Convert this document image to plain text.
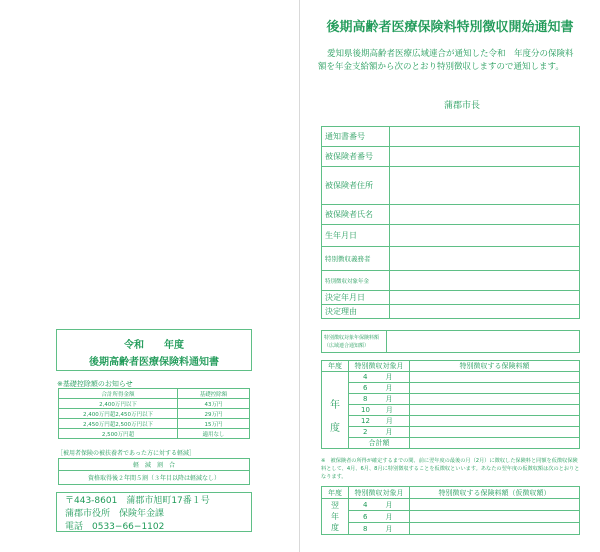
令和　　年度
後期高齢者医療保険料通知書
※基礎控除額のお知らせ
合計所得金額	基礎控除額
2,400万円以下	43万円
2,400万円超2,450万円以下	29万円
2,450万円超2,500万円以下	15万円
2,500万円超	適用なし
［被用者保険の被扶養者であった方に対する軽減］
軽　減　割　合
資格取得後２年間５割（３年目以降は軽減なし）
〒443-8601　蒲郡市旭町17番１号
蒲郡市役所　保険年金課
電話　0533−66−1102
後期高齢者医療保険料特別徴収開始通知書
愛知県後期高齢者医療広域連合が通知した令和　年度分の保険料額を年金支給額から次のとおり特別徴収しますので通知します。
蒲郡市長
通知書番号	
被保険者番号	
被保険者住所	
被保険者氏名	
生年月日	
特別徴収義務者	
特別徴収対象年金	
決定年月日	
決定理由	
特別徴収対象年保険料額（広域連合通知額）	
年度	特別徴収対象月	特別徴収する保険料額

年
度	4 月	
	6 月	
	8 月	
	10 月	
	12 月	
	2 月	
	合計額	
※　被保険者の所得が確定するまでの間、前に翌年度の最後の月（2月）に徴収した保険料と同額を仮徴収保険料として、4月、6月、8月に特別徴収することを仮徴収といいます。あなたの翌年度の仮徴収額は次のとおりとなります。
年度	特別徴収対象月	特別徴収する保険料額（仮徴収額）

翌
年
度	4 月	
	6 月	
	8 月	
